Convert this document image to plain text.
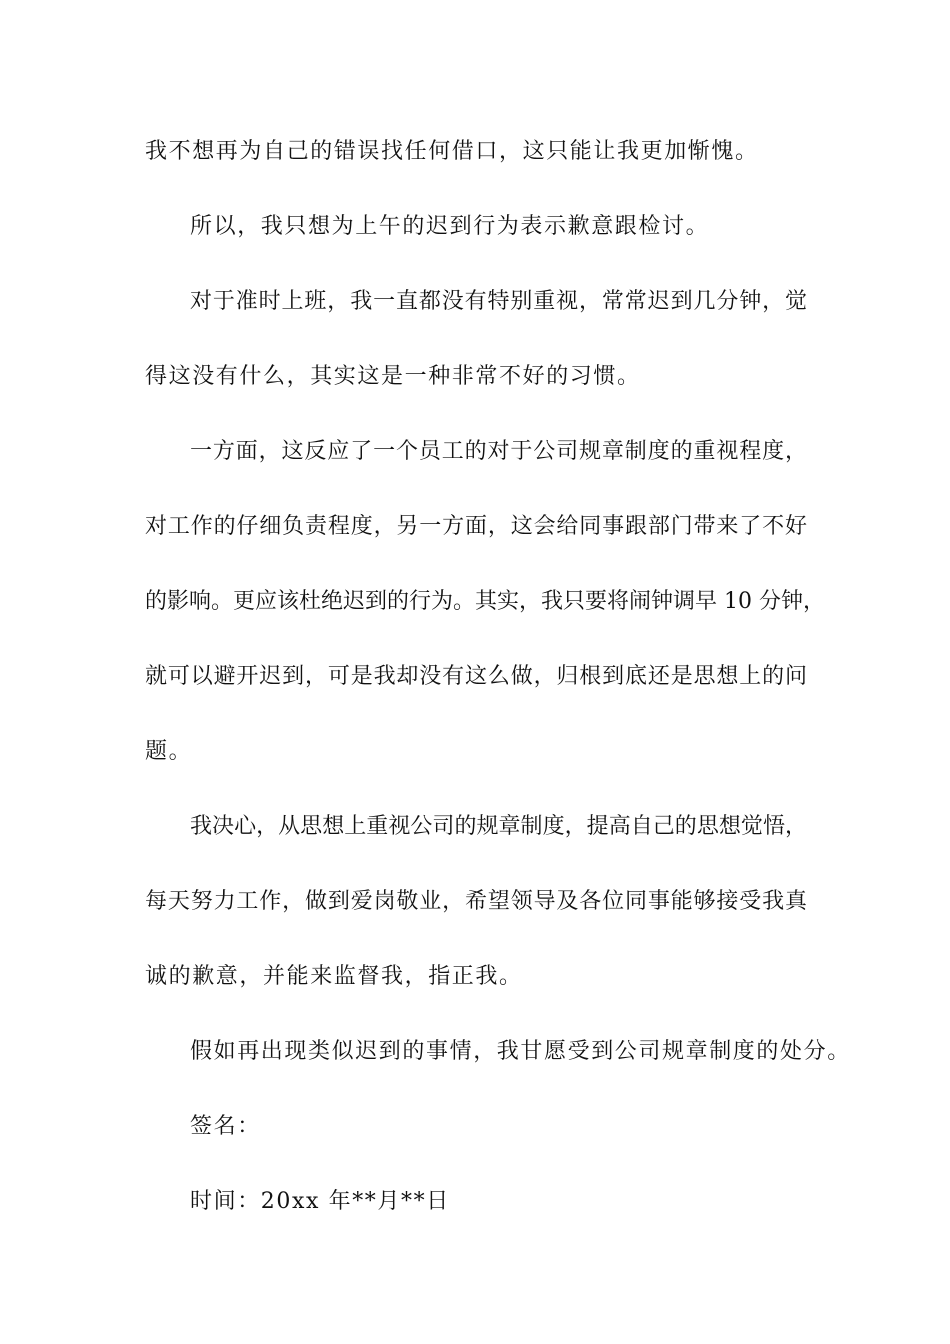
我不想再为自己的错误找任何借口，这只能让我更加惭愧。
所以，我只想为上午的迟到行为表示歉意跟检讨。
对于准时上班，我一直都没有特别重视，常常迟到几分钟，觉
得这没有什么，其实这是一种非常不好的习惯。
一方面，这反应了一个员工的对于公司规章制度的重视程度，
对工作的仔细负责程度，另一方面，这会给同事跟部门带来了不好
的影响。更应该杜绝迟到的行为。其实，我只要将闹钟调早 10 分钟，
就可以避开迟到，可是我却没有这么做，归根到底还是思想上的问
题。
我决心，从思想上重视公司的规章制度，提高自己的思想觉悟，
每天努力工作，做到爱岗敬业，希望领导及各位同事能够接受我真
诚的歉意，并能来监督我，指正我。
假如再出现类似迟到的事情，我甘愿受到公司规章制度的处分。
签名：
时间：20xx 年**月**日
